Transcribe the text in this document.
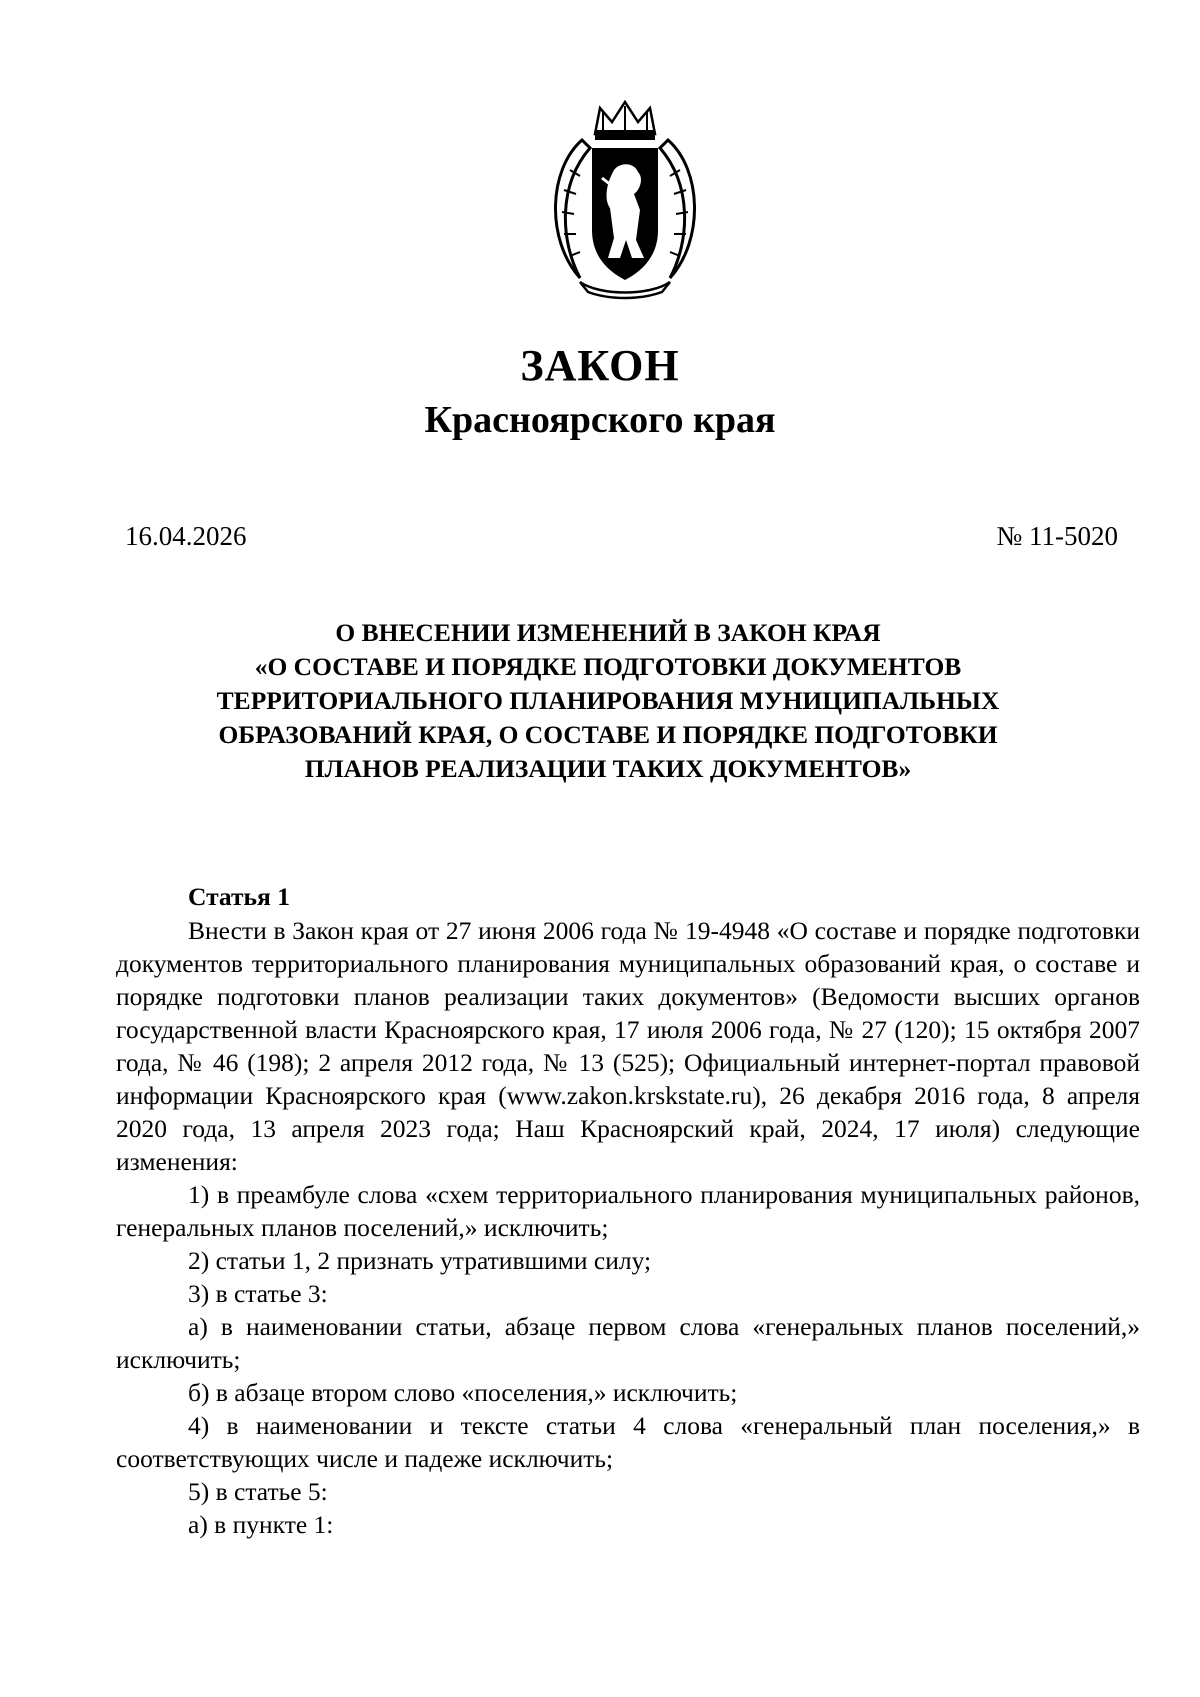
ЗАКОН
Красноярского края
16.04.2026	№ 11-5020
О ВНЕСЕНИИ ИЗМЕНЕНИЙ В ЗАКОН КРАЯ
«О СОСТАВЕ И ПОРЯДКЕ ПОДГОТОВКИ ДОКУМЕНТОВ
ТЕРРИТОРИАЛЬНОГО ПЛАНИРОВАНИЯ МУНИЦИПАЛЬНЫХ
ОБРАЗОВАНИЙ КРАЯ, О СОСТАВЕ И ПОРЯДКЕ ПОДГОТОВКИ
ПЛАНОВ РЕАЛИЗАЦИИ ТАКИХ ДОКУМЕНТОВ»

Статья 1

Внести в Закон края от 27 июня 2006 года № 19-4948 «О составе и порядке подготовки документов территориального планирования муниципальных образований края, о составе и порядке подготовки планов реализации таких документов» (Ведомости высших органов государственной власти Красноярского края, 17 июля 2006 года, № 27 (120); 15 октября 2007 года, № 46 (198); 2 апреля 2012 года, № 13 (525); Официальный интернет-портал правовой информации Красноярского края (www.zakon.krskstate.ru), 26 декабря 2016 года, 8 апреля 2020 года, 13 апреля 2023 года; Наш Красноярский край, 2024, 17 июля) следующие изменения:

1) в преамбуле слова «схем территориального планирования муниципальных районов, генеральных планов поселений,» исключить;

2) статьи 1, 2 признать утратившими силу;

3) в статье 3:

а) в наименовании статьи, абзаце первом слова «генеральных планов поселений,» исключить;

б) в абзаце втором слово «поселения,» исключить;

4) в наименовании и тексте статьи 4 слова «генеральный план поселения,» в соответствующих числе и падеже исключить;

5) в статье 5:

а) в пункте 1:
